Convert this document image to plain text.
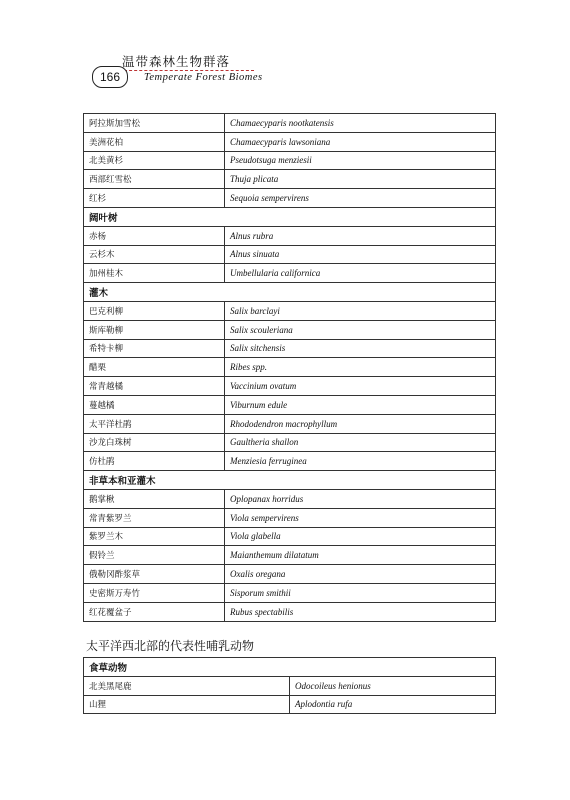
温带森林生物群落
166	Temperate Forest Biomes
阿拉斯加雪松	Chamaecyparis nootkatensis
美洲花柏	Chamaecyparis lawsoniana
北美黄杉	Pseudotsuga menziesii
西部红雪松	Thuja plicata
红杉	Sequoia sempervirens
阔叶树	
赤杨	Alnus rubra
云杉木	Alnus sinuata
加州桂木	Umbellularia californica
灌木	
巴克利柳	Salix barclayi
斯库勒柳	Salix scouleriana
希特卡柳	Salix sitchensis
醋栗	Ribes spp.
常青越橘	Vaccinium ovatum
蔓越橘	Viburnum edule
太平洋杜鹃	Rhododendron macrophyllum
沙龙白珠树	Gaultheria shallon
仿杜鹃	Menziesia ferruginea
非草本和亚灌木	
鹅掌楸	Oplopanax horridus
常青紫罗兰	Viola sempervirens
紫罗兰木	Viola glabella
假铃兰	Maianthemum dilatatum
俄勒冈酢浆草	Oxalis oregana
史密斯万寿竹	Sisporum smithii
红花覆盆子	Rubus spectabilis
太平洋西北部的代表性哺乳动物
食草动物	
北美黑尾鹿	Odocoileus henionus
山狸	Aplodontia rufa
